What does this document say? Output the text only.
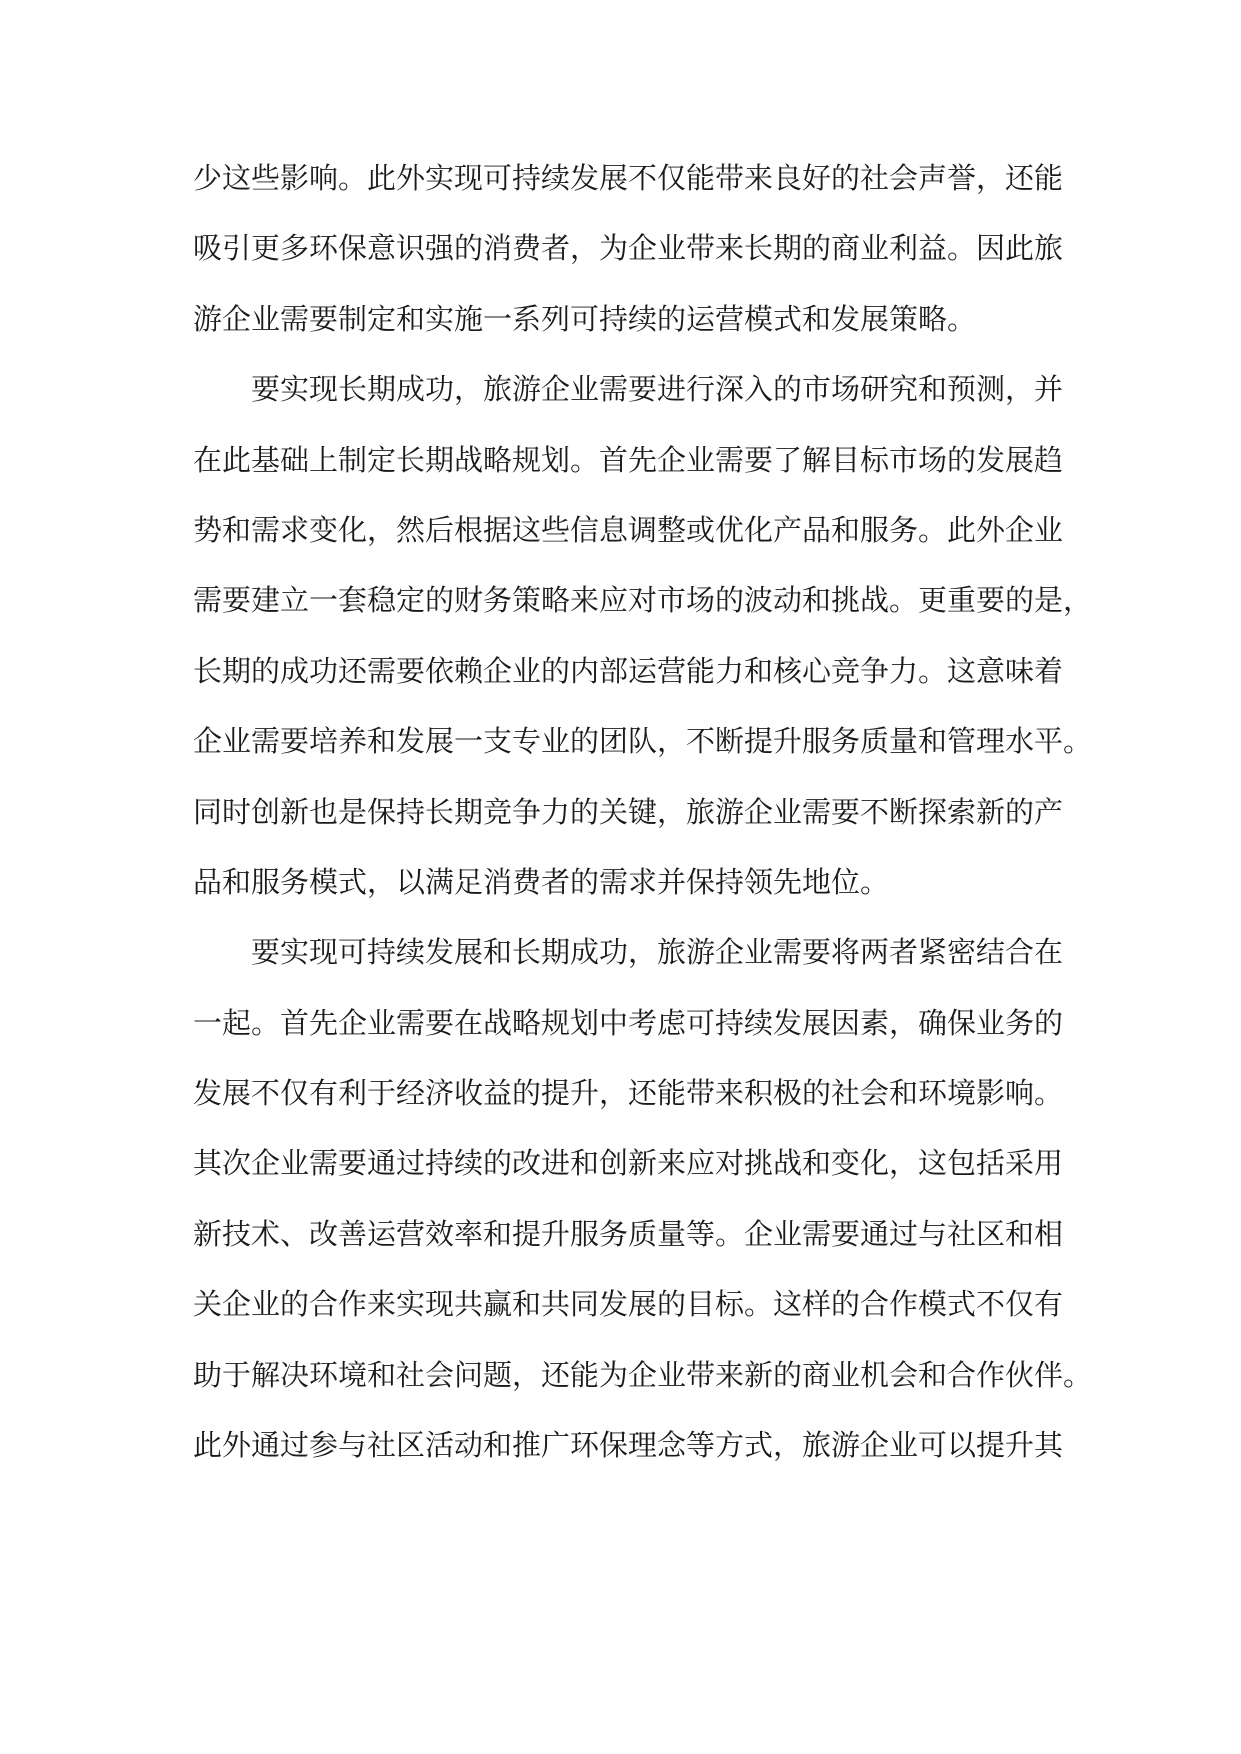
少这些影响。此外实现可持续发展不仅能带来良好的社会声誉，还能
吸引更多环保意识强的消费者，为企业带来长期的商业利益。因此旅
游企业需要制定和实施一系列可持续的运营模式和发展策略。
要实现长期成功，旅游企业需要进行深入的市场研究和预测，并
在此基础上制定长期战略规划。首先企业需要了解目标市场的发展趋
势和需求变化，然后根据这些信息调整或优化产品和服务。此外企业
需要建立一套稳定的财务策略来应对市场的波动和挑战。更重要的是，
长期的成功还需要依赖企业的内部运营能力和核心竞争力。这意味着
企业需要培养和发展一支专业的团队，不断提升服务质量和管理水平。
同时创新也是保持长期竞争力的关键，旅游企业需要不断探索新的产
品和服务模式，以满足消费者的需求并保持领先地位。
要实现可持续发展和长期成功，旅游企业需要将两者紧密结合在
一起。首先企业需要在战略规划中考虑可持续发展因素，确保业务的
发展不仅有利于经济收益的提升，还能带来积极的社会和环境影响。
其次企业需要通过持续的改进和创新来应对挑战和变化，这包括采用
新技术、改善运营效率和提升服务质量等。企业需要通过与社区和相
关企业的合作来实现共赢和共同发展的目标。这样的合作模式不仅有
助于解决环境和社会问题，还能为企业带来新的商业机会和合作伙伴。
此外通过参与社区活动和推广环保理念等方式，旅游企业可以提升其
